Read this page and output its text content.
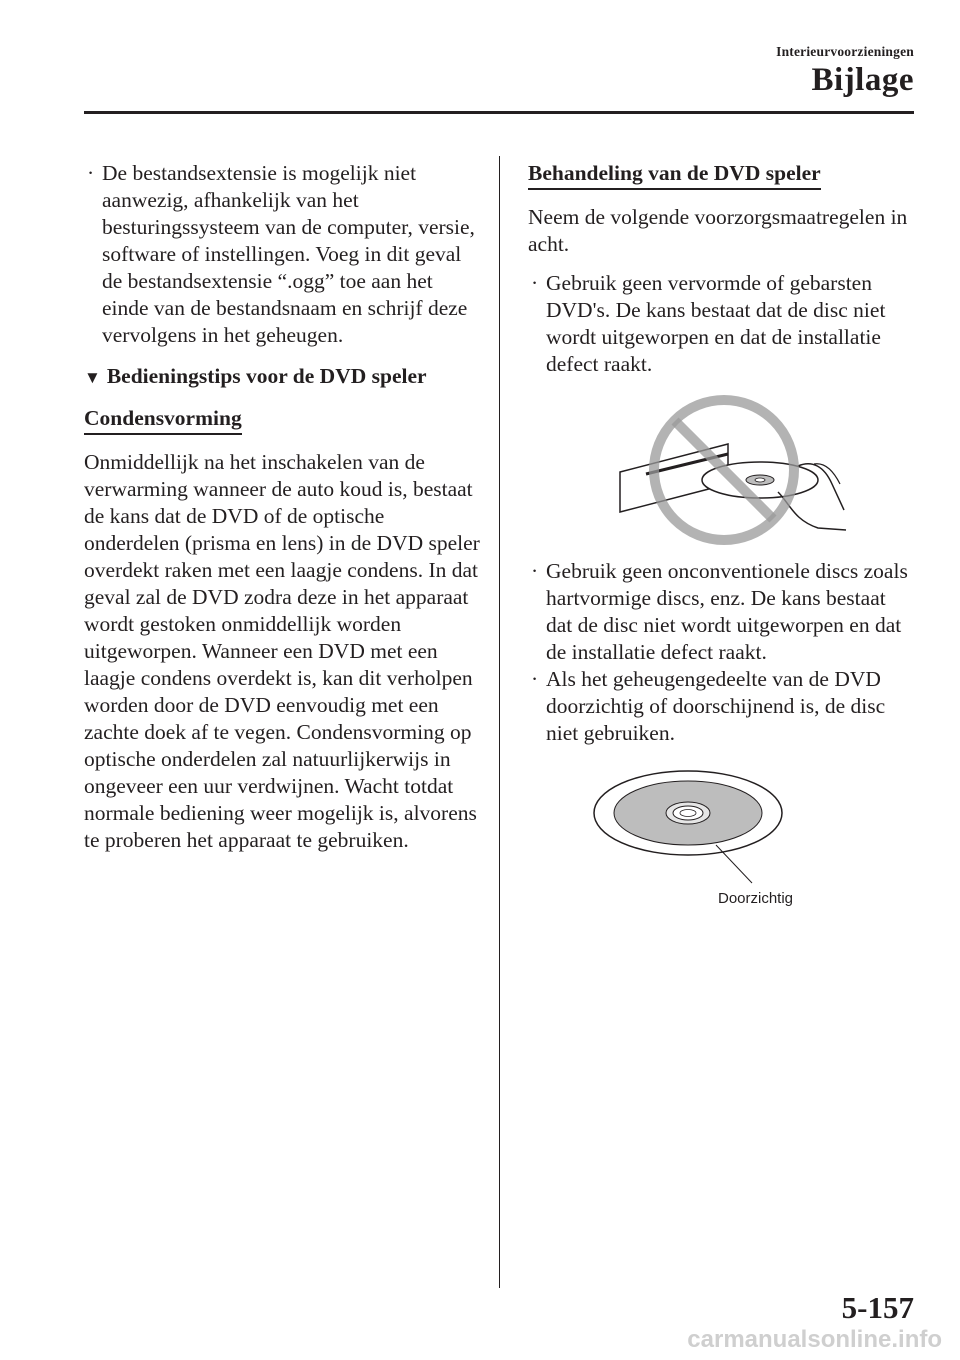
Interieurvoorzieningen
Bijlage
· De bestandsextensie is mogelijk niet aanwezig, afhankelijk van het besturingssysteem van de computer, versie, software of instellingen. Voeg in dit geval de bestandsextensie “.ogg” toe aan het einde van de bestandsnaam en schrijf deze vervolgens in het geheugen.
▼ Bedieningstips voor de DVD speler
Condensvorming
Onmiddellijk na het inschakelen van de verwarming wanneer de auto koud is, bestaat de kans dat de DVD of de optische onderdelen (prisma en lens) in de DVD speler overdekt raken met een laagje condens. In dat geval zal de DVD zodra deze in het apparaat wordt gestoken onmiddellijk worden uitgeworpen. Wanneer een DVD met een laagje condens overdekt is, kan dit verholpen worden door de DVD eenvoudig met een zachte doek af te vegen. Condensvorming op optische onderdelen zal natuurlijkerwijs in ongeveer een uur verdwijnen. Wacht totdat normale bediening weer mogelijk is, alvorens te proberen het apparaat te gebruiken.
Behandeling van de DVD speler
Neem de volgende voorzorgsmaatregelen in acht.
· Gebruik geen vervormde of gebarsten DVD's. De kans bestaat dat de disc niet wordt uitgeworpen en dat de installatie defect raakt.
· Gebruik geen onconventionele discs zoals hartvormige discs, enz. De kans bestaat dat de disc niet wordt uitgeworpen en dat de installatie defect raakt.
· Als het geheugengedeelte van de DVD doorzichtig of doorschijnend is, de disc niet gebruiken.
Doorzichtig
5-157
carmanualsonline.info
